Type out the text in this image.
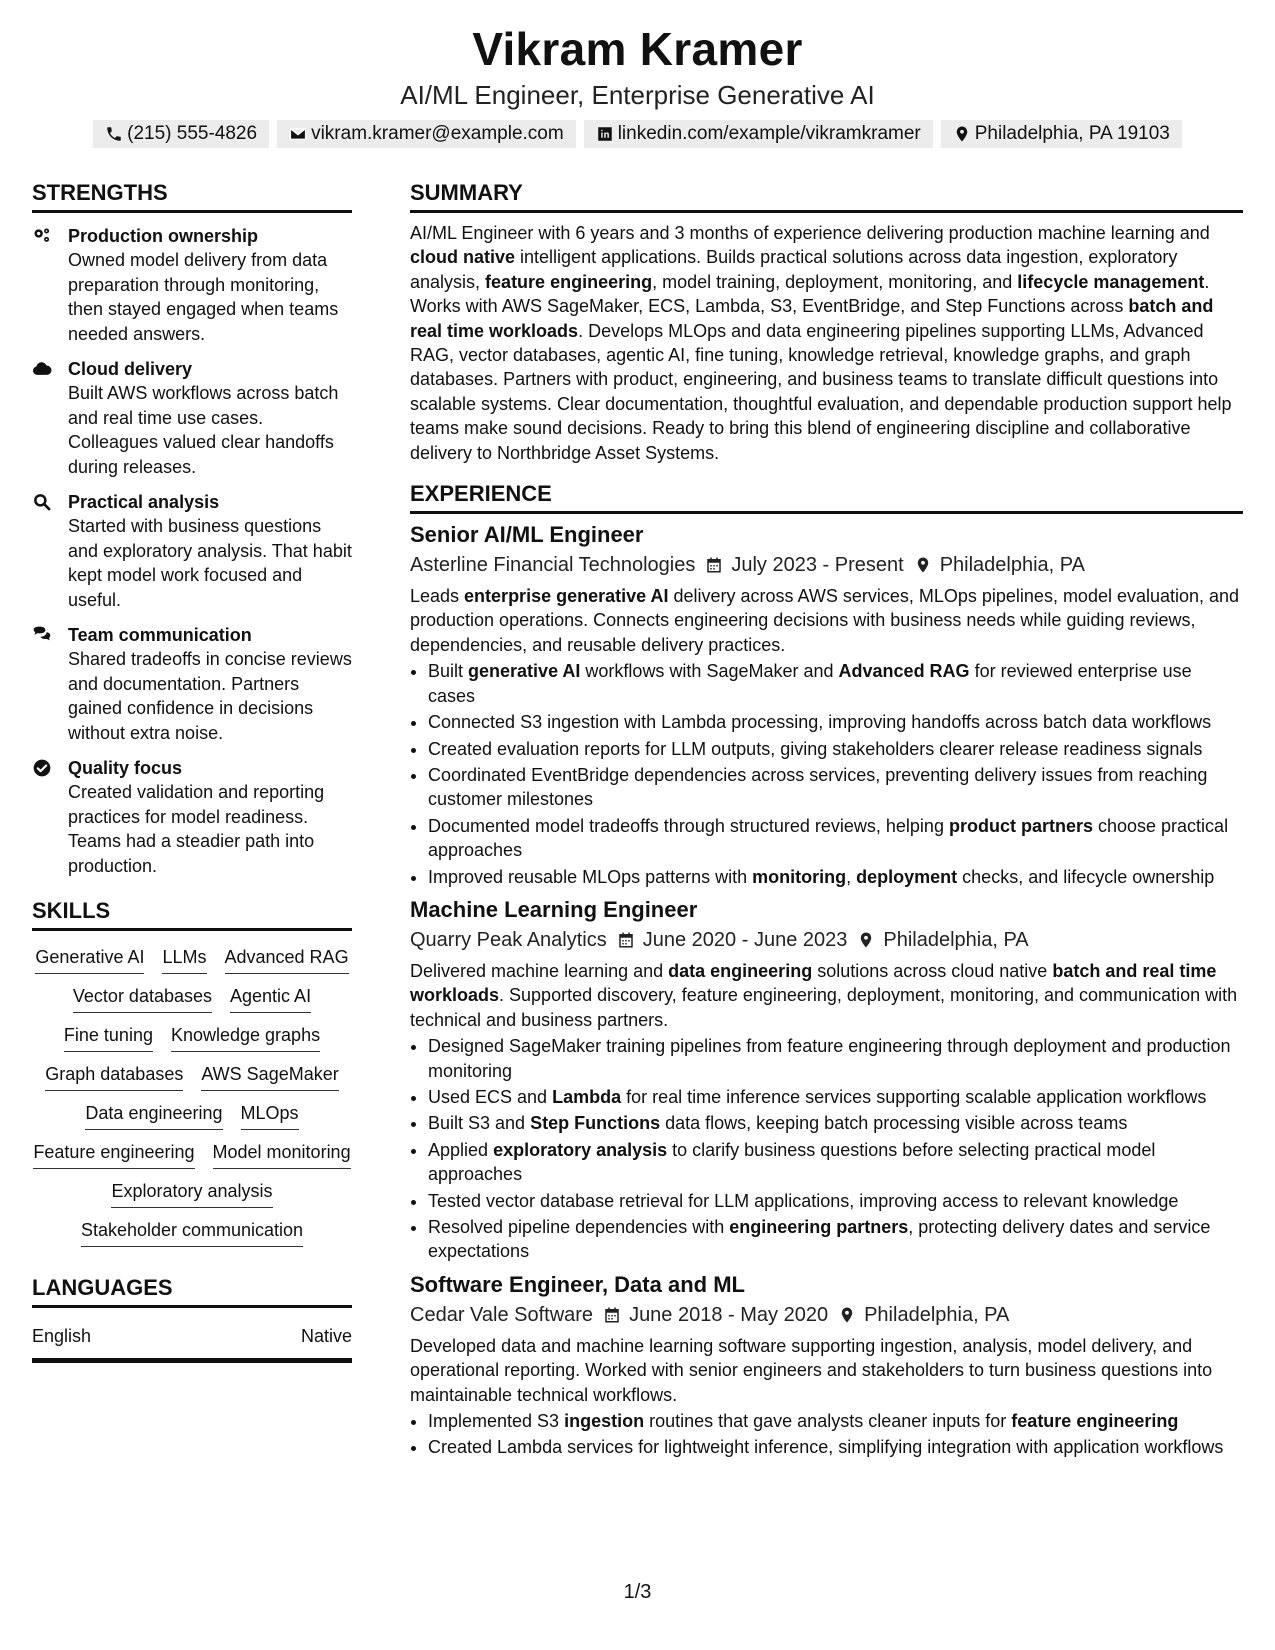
Vikram Kramer
AI/ML Engineer, Enterprise Generative AI
(215) 555-4826	vikram.kramer@example.com	linkedin.com/example/vikramkramer	Philadelphia, PA 19103
STRENGTHS
Production ownership
Owned model delivery from data preparation through monitoring, then stayed engaged when teams needed answers.
Cloud delivery
Built AWS workflows across batch and real time use cases. Colleagues valued clear handoffs during releases.
Practical analysis
Started with business questions and exploratory analysis. That habit kept model work focused and useful.
Team communication
Shared tradeoffs in concise reviews and documentation. Partners gained confidence in decisions without extra noise.
Quality focus
Created validation and reporting practices for model readiness. Teams had a steadier path into production.
SKILLS
Generative AI LLMs Advanced RAG
Vector databases Agentic AI
Fine tuning Knowledge graphs
Graph databases AWS SageMaker
Data engineering MLOps
Feature engineering Model monitoring
Exploratory analysis
Stakeholder communication
LANGUAGES
English	Native
SUMMARY
AI/ML Engineer with 6 years and 3 months of experience delivering production machine learning and cloud native intelligent applications. Builds practical solutions across data ingestion, exploratory analysis, feature engineering, model training, deployment, monitoring, and lifecycle management. Works with AWS SageMaker, ECS, Lambda, S3, EventBridge, and Step Functions across batch and real time workloads. Develops MLOps and data engineering pipelines supporting LLMs, Advanced RAG, vector databases, agentic AI, fine tuning, knowledge retrieval, knowledge graphs, and graph databases. Partners with product, engineering, and business teams to translate difficult questions into scalable systems. Clear documentation, thoughtful evaluation, and dependable production support help teams make sound decisions. Ready to bring this blend of engineering discipline and collaborative delivery to Northbridge Asset Systems.
EXPERIENCE
Senior AI/ML Engineer
Asterline Financial Technologies July 2023 - Present Philadelphia, PA
Leads enterprise generative AI delivery across AWS services, MLOps pipelines, model evaluation, and production operations. Connects engineering decisions with business needs while guiding reviews, dependencies, and reusable delivery practices.
• Built generative AI workflows with SageMaker and Advanced RAG for reviewed enterprise use cases
• Connected S3 ingestion with Lambda processing, improving handoffs across batch data workflows
• Created evaluation reports for LLM outputs, giving stakeholders clearer release readiness signals
• Coordinated EventBridge dependencies across services, preventing delivery issues from reaching customer milestones
• Documented model tradeoffs through structured reviews, helping product partners choose practical approaches
• Improved reusable MLOps patterns with monitoring, deployment checks, and lifecycle ownership
Machine Learning Engineer
Quarry Peak Analytics June 2020 - June 2023 Philadelphia, PA
Delivered machine learning and data engineering solutions across cloud native batch and real time workloads. Supported discovery, feature engineering, deployment, monitoring, and communication with technical and business partners.
• Designed SageMaker training pipelines from feature engineering through deployment and production monitoring
• Used ECS and Lambda for real time inference services supporting scalable application workflows
• Built S3 and Step Functions data flows, keeping batch processing visible across teams
• Applied exploratory analysis to clarify business questions before selecting practical model approaches
• Tested vector database retrieval for LLM applications, improving access to relevant knowledge
• Resolved pipeline dependencies with engineering partners, protecting delivery dates and service expectations
Software Engineer, Data and ML
Cedar Vale Software June 2018 - May 2020 Philadelphia, PA
Developed data and machine learning software supporting ingestion, analysis, model delivery, and operational reporting. Worked with senior engineers and stakeholders to turn business questions into maintainable technical workflows.
• Implemented S3 ingestion routines that gave analysts cleaner inputs for feature engineering
• Created Lambda services for lightweight inference, simplifying integration with application workflows
1/3
